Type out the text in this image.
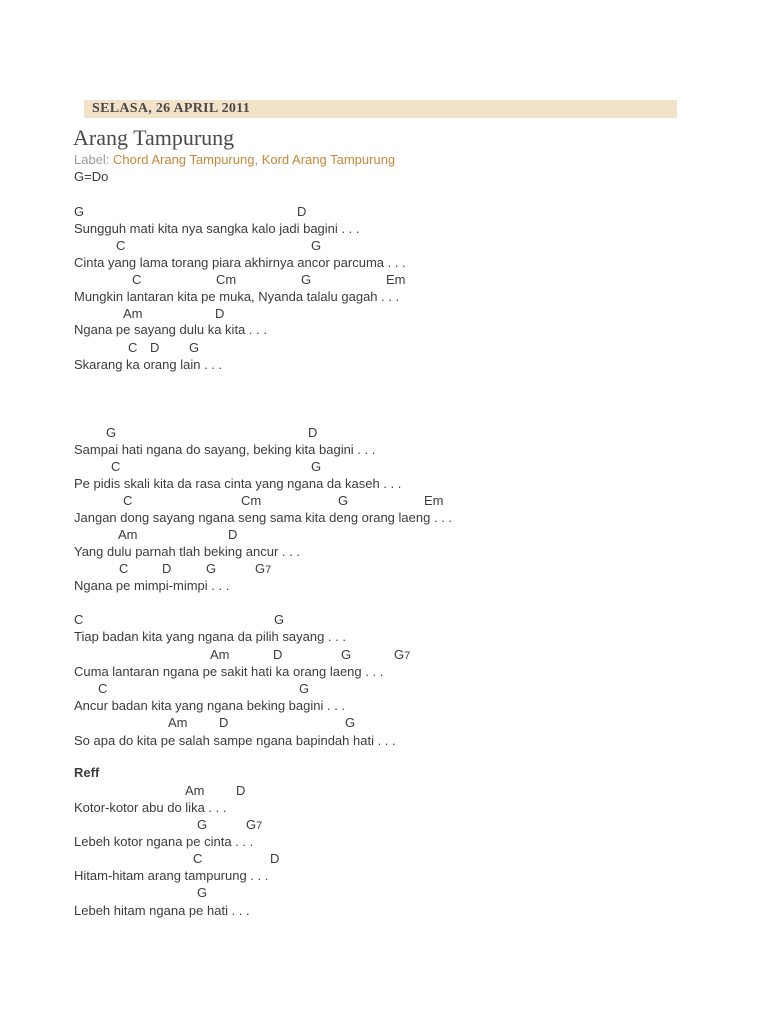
SELASA, 26 APRIL 2011
Arang Tampurung
Label: Chord Arang Tampurung, Kord Arang Tampurung
G=Do
G	D
Sungguh mati kita nya sangka kalo jadi bagini . . .
C	G
Cinta yang lama torang piara akhirnya ancor parcuma . . .
C	Cm	G	Em
Mungkin lantaran kita pe muka, Nyanda talalu gagah . . .
Am	D
Ngana pe sayang dulu ka kita . . .
C D G
Skarang ka orang lain . . .
G	D
Sampai hati ngana do sayang, beking kita bagini . . .
C	G
Pe pidis skali kita da rasa cinta yang ngana da kaseh . . .
C	Cm	G	Em
Jangan dong sayang ngana seng sama kita deng orang laeng . . .
Am	D
Yang dulu parnah tlah beking ancur . . .
C	D	G	G7
Ngana pe mimpi-mimpi . . .
C	G
Tiap badan kita yang ngana da pilih sayang . . .
Am	D	G	G7
Cuma lantaran ngana pe sakit hati ka orang laeng . . .
C	G
Ancur badan kita yang ngana beking bagini . . .
Am D	G
So apa do kita pe salah sampe ngana bapindah hati . . .
Reff
Am D
Kotor-kotor abu do lika . . .
G	G7
Lebeh kotor ngana pe cinta . . .
C	D
Hitam-hitam arang tampurung . . .
G
Lebeh hitam ngana pe hati . . .
